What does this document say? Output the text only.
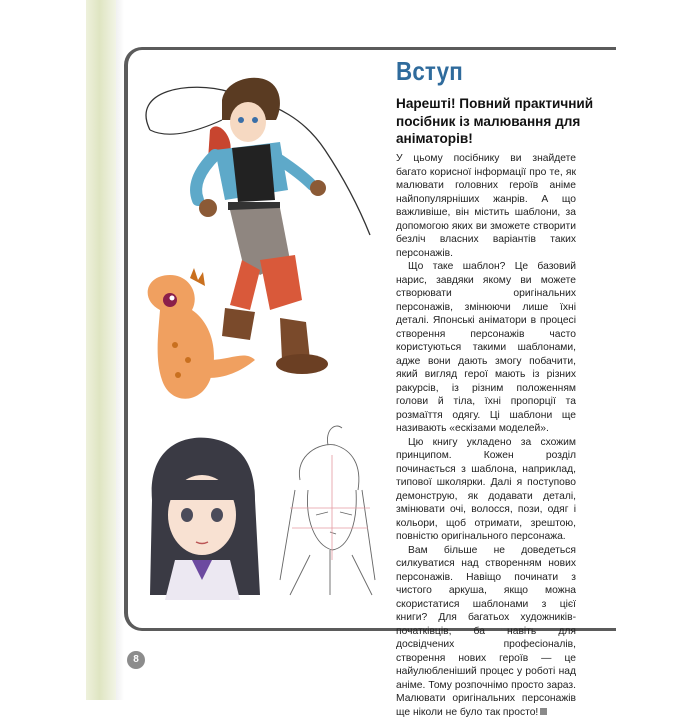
Вступ

Нарешті! Повний практичний посібник із малювання для аніматорів!

У цьому посібнику ви знайдете багато корисної інформації про те, як малювати головних героїв аніме найпопулярніших жанрів. А що важливіше, він містить шаблони, за допомогою яких ви зможете створити безліч власних варіантів таких персонажів.

Що таке шаблон? Це базовий нарис, завдяки якому ви можете створювати оригінальних персонажів, змінюючи лише їхні деталі. Японські аніматори в процесі створення персонажів часто користуються такими шаблонами, адже вони дають змогу побачити, який вигляд герої мають із різних ракурсів, із різним положенням голови й тіла, їхні пропорції та розмаїття одягу. Ці шаблони ще називають «ескізами моделей».

Цю книгу укладено за схожим принципом. Кожен розділ починається з шаблона, наприклад, типової школярки. Далі я поступово демонструю, як додавати деталі, змінювати очі, волосся, пози, одяг і кольори, щоб отримати, зрештою, повністю оригінального персонажа.

Вам більше не доведеться силкуватися над створенням нових персонажів. Навіщо починати з чистого аркуша, якщо можна скористатися шаблонами з цієї книги? Для багатьох художників-початківців, ба навіть для досвідчених професіоналів, створення нових героїв — це найулюбленіший процес у роботі над аніме. Тому розпочнімо просто зараз. Малювати оригінальних персонажів ще ніколи не було так просто!

8
